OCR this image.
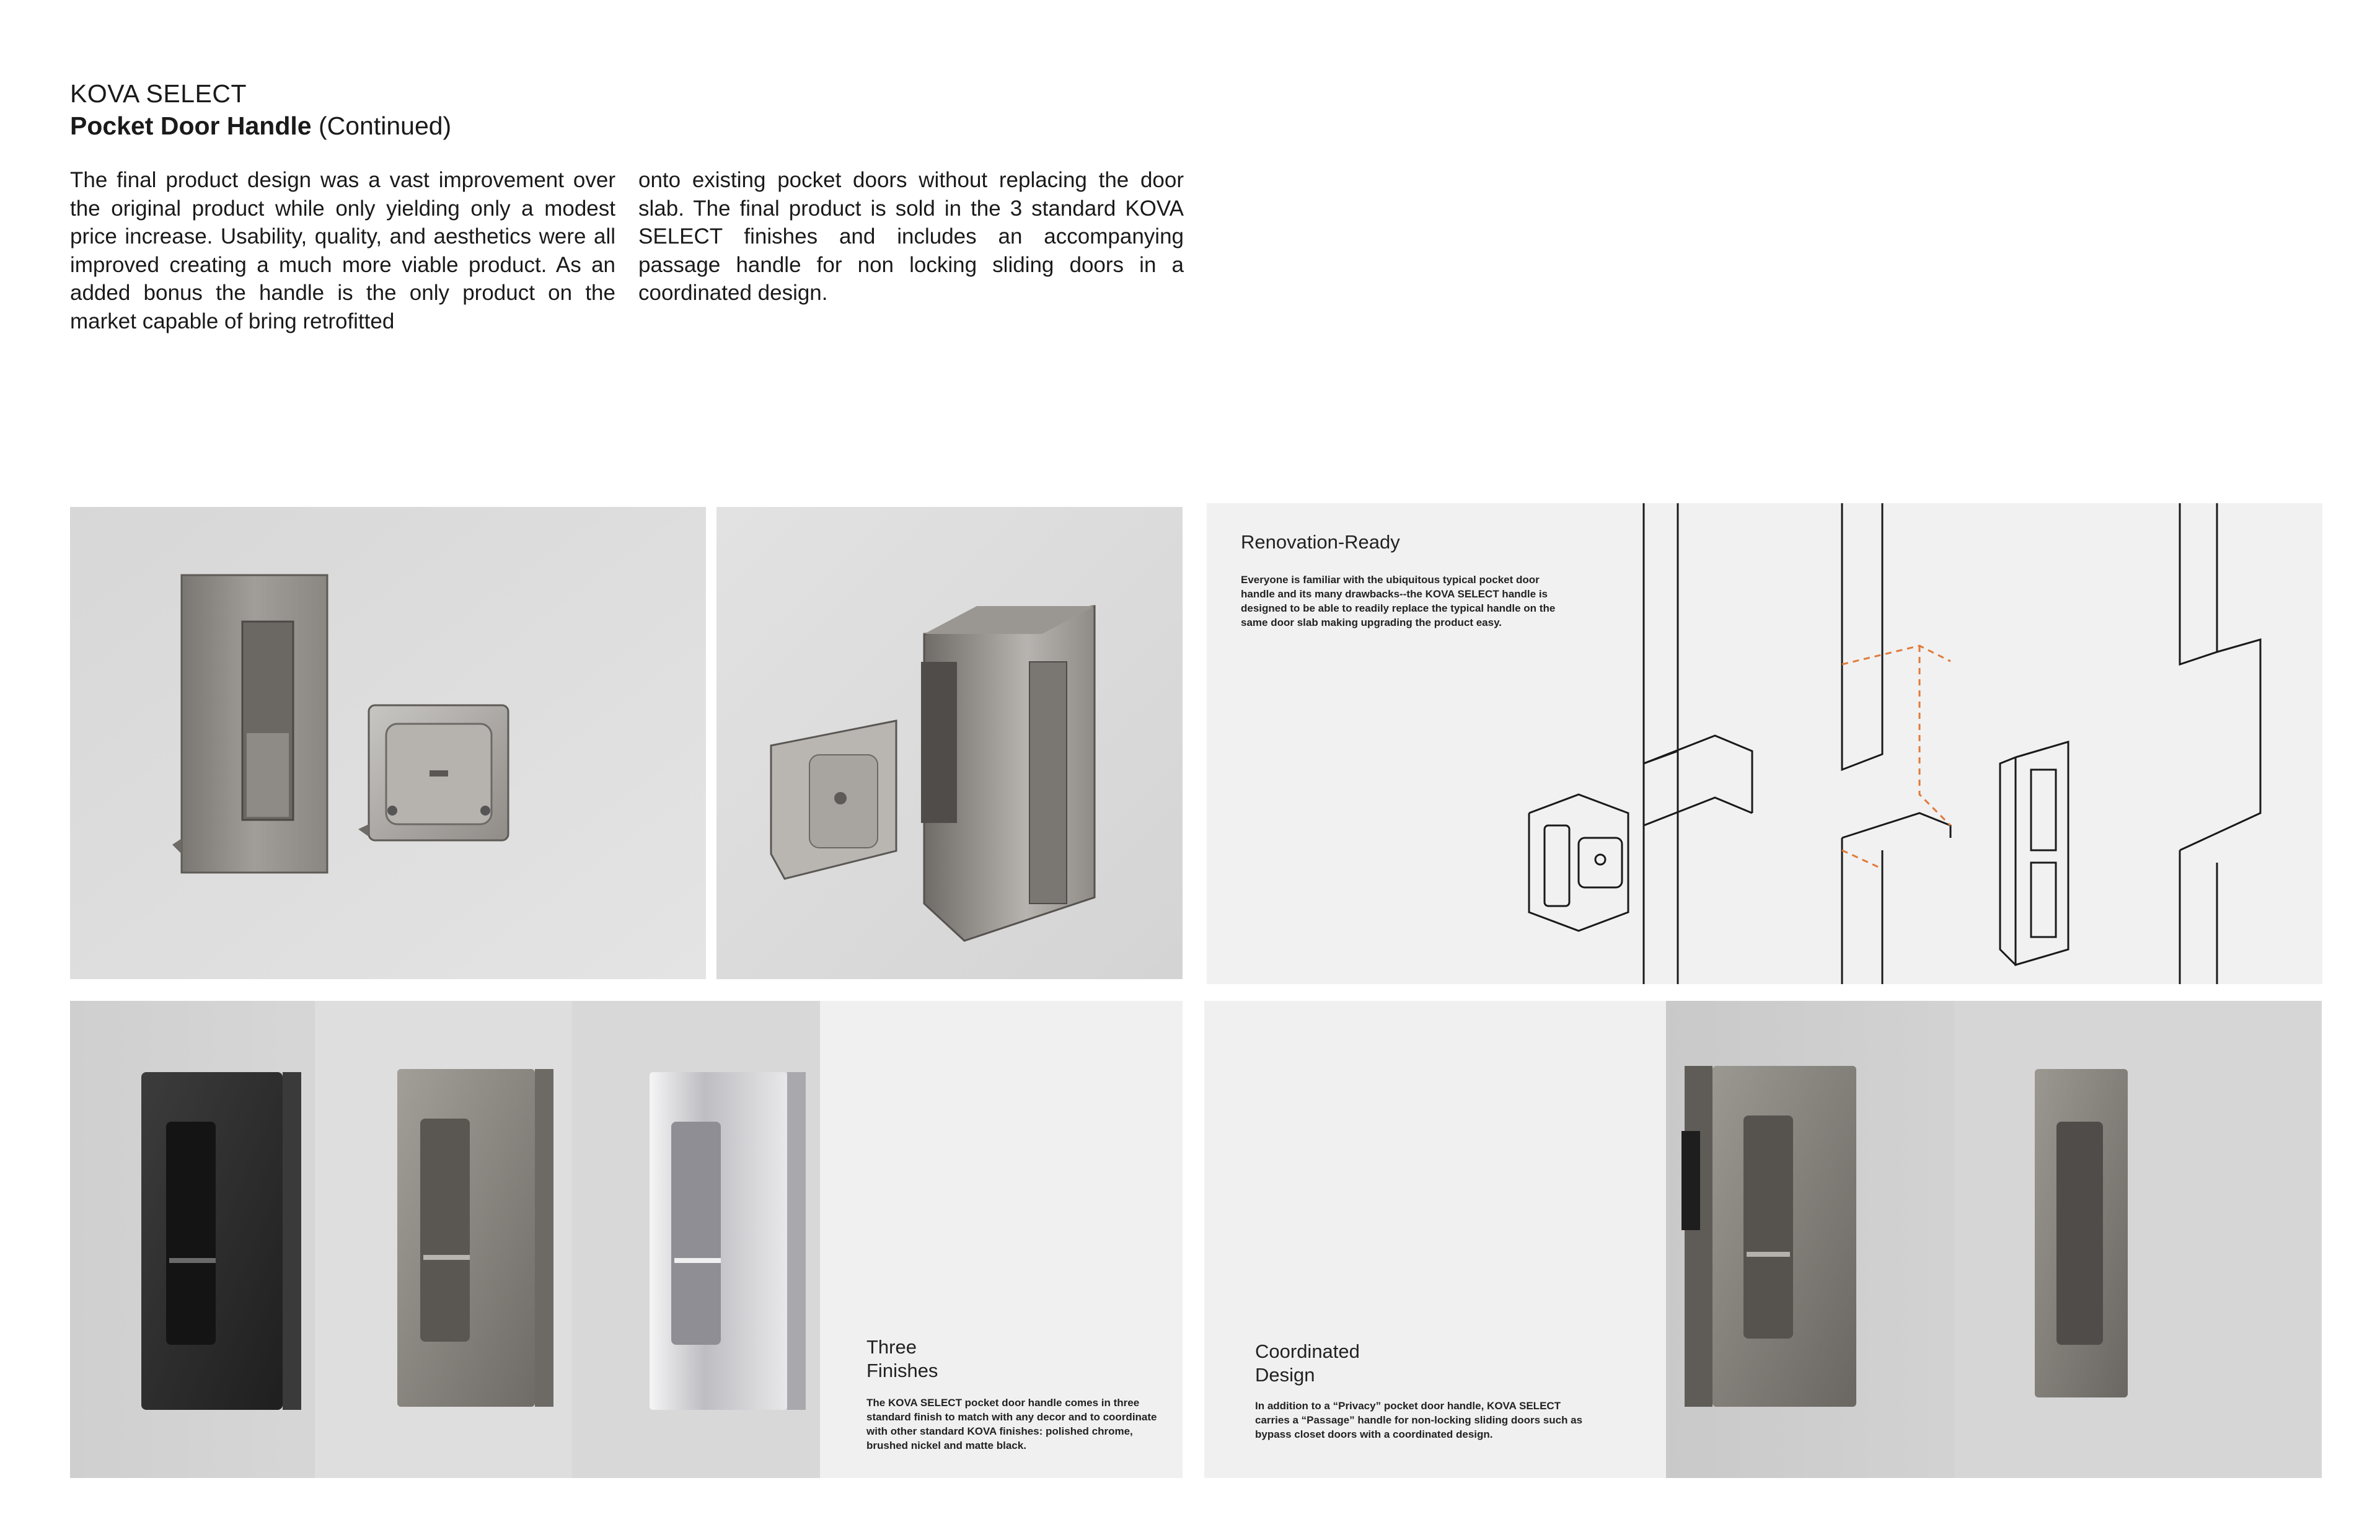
KOVA SELECT
Pocket Door Handle (Continued)
The final product design was a vast improvement over the original product while only yielding only a modest price increase. Usability, quality, and aesthetics were all improved creating a much more viable product. As an added bonus the handle is the only product on the market capable of bring retrofitted
onto existing pocket doors without replacing the door slab. The final product is sold in the 3 standard KOVA SELECT finishes and includes an accompanying passage handle for non locking sliding doors in a coordinated design.
Renovation-Ready
Everyone is familiar with the ubiquitous typical pocket door handle and its many drawbacks--the KOVA SELECT handle is designed to be able to readily replace the typical handle on the same door slab making upgrading the product easy.
Three
Finishes
The KOVA SELECT pocket door handle comes in three standard finish to match with any decor and to coordinate with other standard KOVA finishes: polished chrome, brushed nickel and matte black.
Coordinated
Design
In addition to a “Privacy” pocket door handle, KOVA SELECT carries a “Passage” handle for non-locking sliding doors such as bypass closet doors with a coordinated design.
